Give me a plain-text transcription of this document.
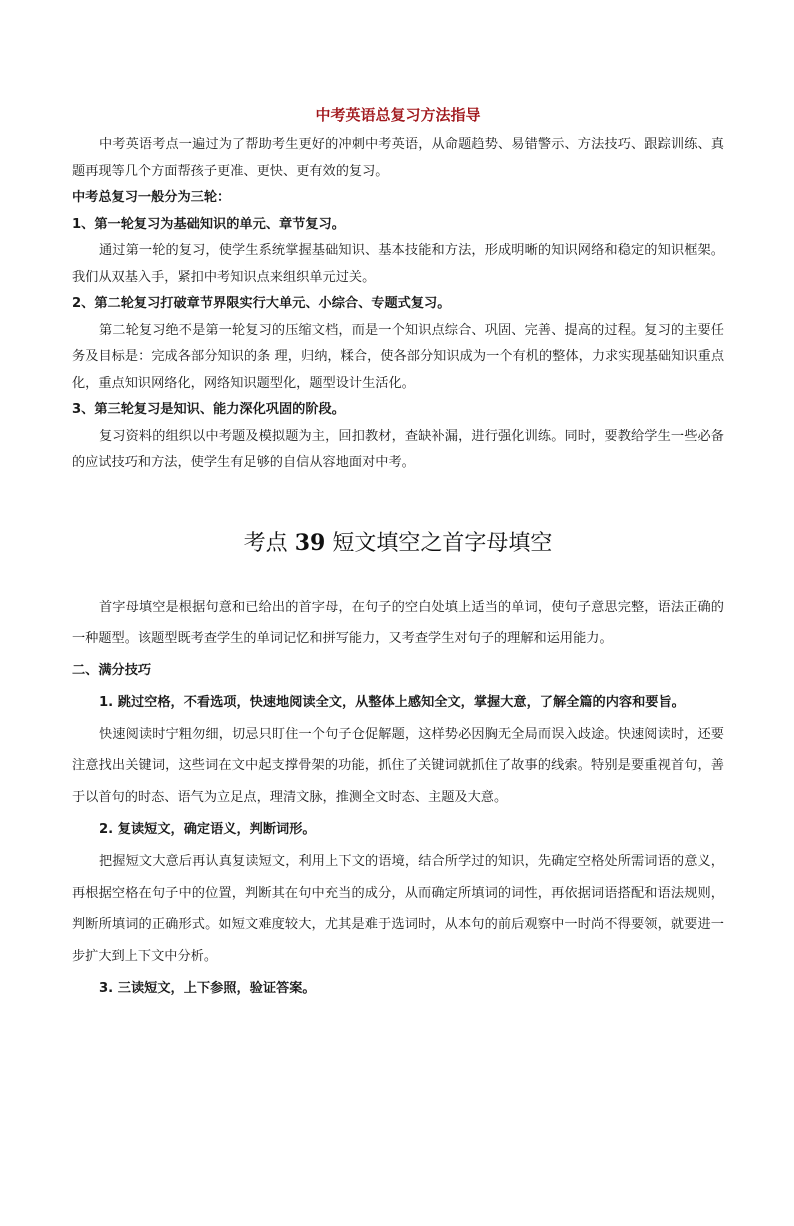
中考英语总复习方法指导

中考英语考点一遍过为了帮助考生更好的冲刺中考英语，从命题趋势、易错警示、方法技巧、跟踪训练、真题再现等几个方面帮孩子更准、更快、更有效的复习。

中考总复习一般分为三轮：

1、第一轮复习为基础知识的单元、章节复习。

通过第一轮的复习，使学生系统掌握基础知识、基本技能和方法，形成明晰的知识网络和稳定的知识框架。我们从双基入手，紧扣中考知识点来组织单元过关。

2、第二轮复习打破章节界限实行大单元、小综合、专题式复习。

第二轮复习绝不是第一轮复习的压缩文档，而是一个知识点综合、巩固、完善、提高的过程。复习的主要任务及目标是：完成各部分知识的条 理，归纳，糅合，使各部分知识成为一个有机的整体，力求实现基础知识重点化，重点知识网络化，网络知识题型化，题型设计生活化。

3、第三轮复习是知识、能力深化巩固的阶段。

复习资料的组织以中考题及模拟题为主，回扣教材，查缺补漏，进行强化训练。同时，要教给学生一些必备的应试技巧和方法，使学生有足够的自信从容地面对中考。

考点 39 短文填空之首字母填空

首字母填空是根据句意和已给出的首字母，在句子的空白处填上适当的单词，使句子意思完整，语法正确的一种题型。该题型既考查学生的单词记忆和拼写能力，又考查学生对句子的理解和运用能力。

二、满分技巧

1. 跳过空格，不看选项，快速地阅读全文，从整体上感知全文，掌握大意，了解全篇的内容和要旨。

快速阅读时宁粗勿细，切忌只盯住一个句子仓促解题，这样势必因胸无全局而误入歧途。快速阅读时，还要注意找出关键词，这些词在文中起支撑骨架的功能，抓住了关键词就抓住了故事的线索。特别是要重视首句，善于以首句的时态、语气为立足点，理清文脉，推测全文时态、主题及大意。

2. 复读短文，确定语义，判断词形。

把握短文大意后再认真复读短文，利用上下文的语境，结合所学过的知识，先确定空格处所需词语的意义，再根据空格在句子中的位置，判断其在句中充当的成分，从而确定所填词的词性，再依据词语搭配和语法规则，判断所填词的正确形式。如短文难度较大，尤其是难于选词时，从本句的前后观察中一时尚不得要领，就要进一步扩大到上下文中分析。

3. 三读短文，上下参照，验证答案。
